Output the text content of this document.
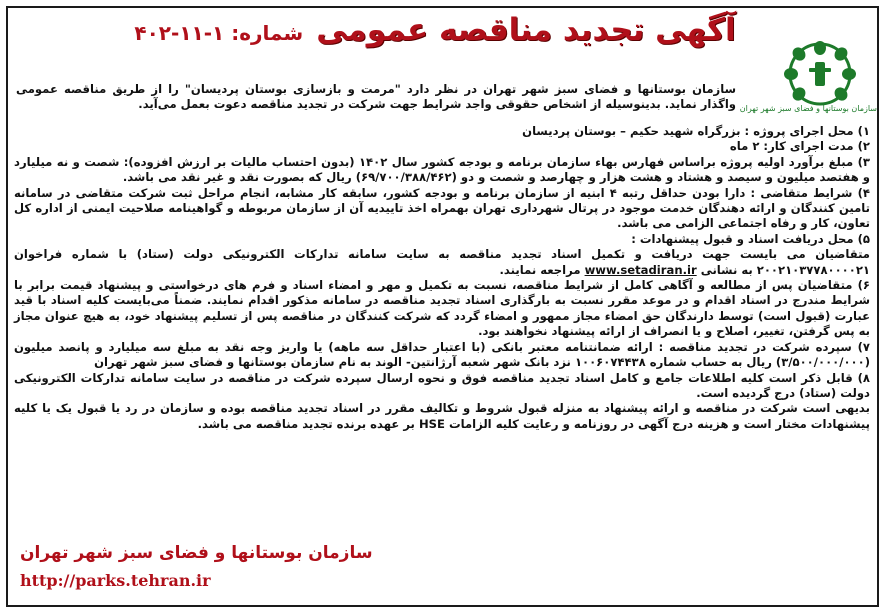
آگهی تجدید مناقصه عمومی شماره: ۱-۱۱-۴۰۲
سازمان بوستانها و فضای سبز شهر تهران

سازمان بوستانها و فضای سبز شهر تهران در نظر دارد "مرمت و بازسازی بوستان پردیسان" را از طریق مناقصه عمومی واگذار نماید. بدینوسیله از اشخاص حقوقی واجد شرایط جهت شرکت در تجدید مناقصه دعوت بعمل می‌آید.

۱) محل اجرای پروژه : بزرگراه شهید حکیم – بوستان پردیسان

۲) مدت اجرای کار: ۲ ماه

۳) مبلغ برآورد اولیه پروژه براساس فهارس بهاء سازمان برنامه و بودجه کشور سال ۱۴۰۲ (بدون احتساب مالیات بر ارزش افزوده): شصت و نه میلیارد و هفتصد میلیون و سیصد و هشتاد و هشت هزار و چهارصد و شصت و دو (۶۹/۷۰۰/۳۸۸/۴۶۲) ریال که بصورت نقد و غیر نقد می باشد.

۴) شرایط متقاضی : دارا بودن حداقل رتبه ۴ ابنیه از سازمان برنامه و بودجه کشور، سابقه کار مشابه، انجام مراحل ثبت شرکت متقاضی در سامانه تامین کنندگان و ارائه دهندگان خدمت موجود در پرتال شهرداری تهران بهمراه اخذ تاییدیه آن از سازمان مربوطه و گواهینامه صلاحیت ایمنی از اداره کل تعاون، کار و رفاه اجتماعی الزامی می باشد.

۵) محل دریافت اسناد و قبول پیشنهادات :

متقاضیان می بایست جهت دریافت و تکمیل اسناد تجدید مناقصه به سایت سامانه تدارکات الکترونیکی دولت (ستاد) با شماره فراخوان ۲۰۰۲۱۰۳۷۷۸۰۰۰۰۲۱ به نشانی www.setadiran.ir مراجعه نمایند.

۶) متقاضیان پس از مطالعه و آگاهی کامل از شرایط مناقصه، نسبت به تکمیل و مهر و امضاء اسناد و فرم های درخواستی و پیشنهاد قیمت برابر با شرایط مندرج در اسناد اقدام و در موعد مقرر نسبت به بارگذاری اسناد تجدید مناقصه در سامانه مذکور اقدام نمایند. ضمناً می‌بایست کلیه اسناد با قید عبارت (قبول است) توسط دارندگان حق امضاء مجاز ممهور و امضاء گردد که شرکت کنندگان در مناقصه پس از تسلیم پیشنهاد خود، به هیچ عنوان مجاز به پس گرفتن، تغییر، اصلاح و یا انصراف از ارائه پیشنهاد نخواهند بود.

۷) سپرده شرکت در تجدید مناقصه : ارائه ضمانتنامه معتبر بانکی (با اعتبار حداقل سه ماهه) یا واریز وجه نقد به مبلغ سه میلیارد و پانصد میلیون (۳/۵۰۰/۰۰۰/۰۰۰) ریال به حساب شماره ۱۰۰۶۰۷۴۴۳۸ نزد بانک شهر شعبه آرژانتین- الوند به نام سازمان بوستانها و فضای سبز شهر تهران

۸) قابل ذکر است کلیه اطلاعات جامع و کامل اسناد تجدید مناقصه فوق و نحوه ارسال سپرده شرکت در مناقصه در سایت سامانه تدارکات الکترونیکی دولت (ستاد) درج گردیده است.

بدیهی است شرکت در مناقصه و ارائه پیشنهاد به منزله قبول شروط و تکالیف مقرر در اسناد تجدید مناقصه بوده و سازمان در رد یا قبول یک یا کلیه پیشنهادات مختار است و هزینه درج آگهی در روزنامه و رعایت کلیه الزامات HSE بر عهده برنده تجدید مناقصه می باشد.

سازمان بوستانها و فضای سبز شهر تهران
http://parks.tehran.ir
